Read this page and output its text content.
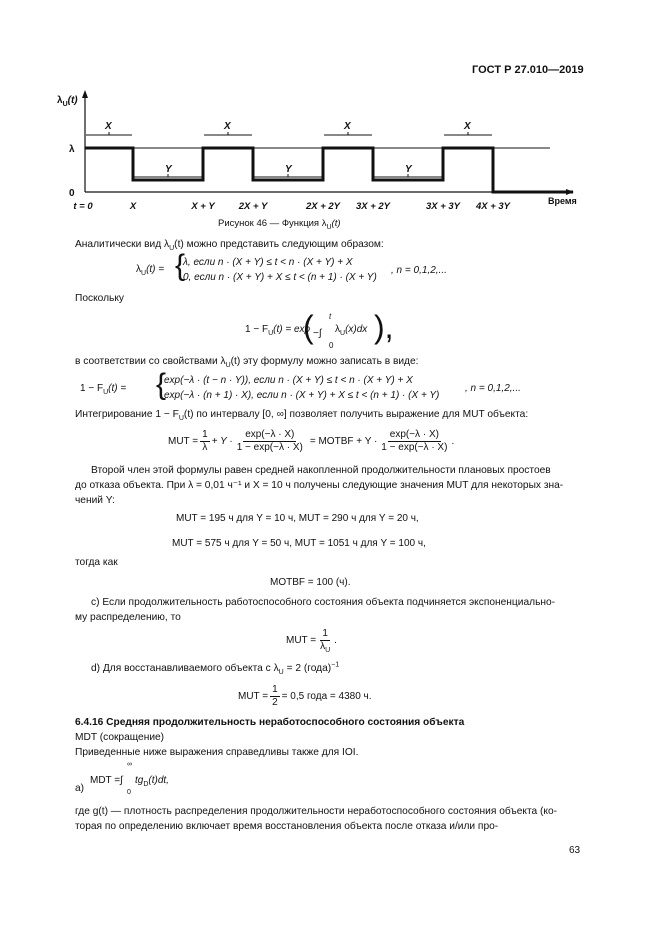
ГОСТ Р 27.010—2019
X	X	X	X
Y	Y	Y
$\lambda_U(t)$
λ
0
t = 0	X	X + Y	2X + Y	2X + 2Y 3X + 2Y	3X + 3Y 4X + 3Y	Время
Рисунок 46 — Функция $\lambda_U(t)$
Аналитически вид $\lambda_U(t)$ можно представить следующим образом:
$\lambda_U(t)$ = {
λ, если n · (X + Y) ≤ t < n · (X + Y) + X
0, если n · (X + Y) + X ≤ t < (n + 1) · (X + Y)
, n = 0,1,2,...
Поскольку
$1 - F_U(t) = \exp$
( −∫
t
0
$\lambda_U(x)dx$ ),
в соответствии со свойствами $\lambda_U(t)$ эту формулу можно записать в виде:
$1 - F_U(t)$ = {
exp(−λ · (t − n · Y)), если n · (X + Y) ≤ t < n · (X + Y) + X
exp(−λ · (n + 1) · X), если n · (X + Y) + X ≤ t < (n + 1) · (X + Y)
, n = 0,1,2,...
Интегрирование $1 - F_U(t)$ по интервалу [0, ∞] позволяет получить выражение для MUT объекта:
MUT = $\frac{1}{\lambda} + Y \cdot \frac{\exp(-\lambda \cdot X)}{1 - \exp(-\lambda \cdot X)}$ = MOTBF + $Y \cdot \frac{\exp(-\lambda \cdot X)}{1 - \exp(-\lambda \cdot X)}$ .
Второй член этой формулы равен средней накопленной продолжительности плановых простоев
до отказа объекта. При λ = 0,01 ч⁻¹ и X = 10 ч получены следующие значения MUT для некоторых зна-
чений Y:
MUT = 195 ч для Y = 10 ч, MUT = 290 ч для Y = 20 ч,
MUT = 575 ч для Y = 50 ч, MUT = 1051 ч для Y = 100 ч,
тогда как
MOTBF = 100 (ч).
c) Если продолжительность работоспособного состояния объекта подчиняется экспоненциально-
му распределению, то
MUT = $\frac{1}{\lambda_U}$ .
d) Для восстанавливаемого объекта с $\lambda_U = 2$ (года)$^{-1}$
MUT = $\frac{1}{2} = 0,5$ года = 4380 ч.
6.4.16 Средняя продолжительность неработоспособного состояния объекта
MDT (сокращение)
Приведенные ниже выражения справедливы также для IOI.
а)
MDT = ∫
∞
0
$tg_D(t)dt$,
где g(t) — плотность распределения продолжительности неработоспособного состояния объекта (ко-
торая по определению включает время восстановления объекта после отказа и/или про-
63
